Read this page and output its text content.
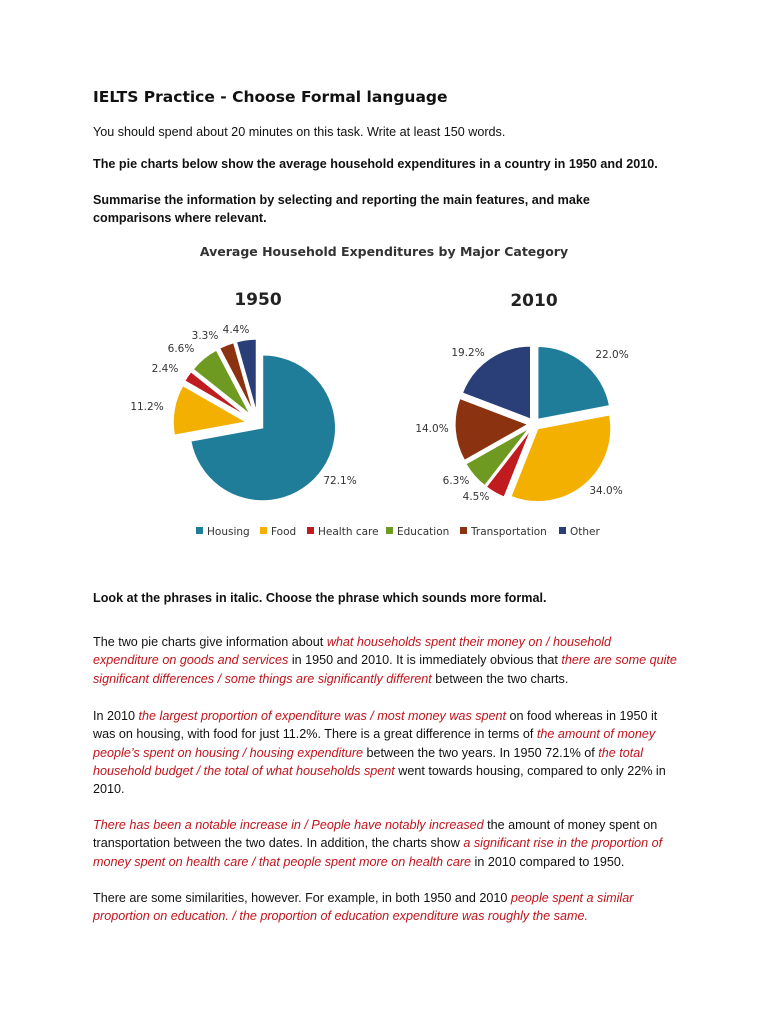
IELTS Practice - Choose Formal language

You should spend about 20 minutes on this task. Write at least 150 words.

The pie charts below show the average household expenditures in a country in 1950 and 2010.

Summarise the information by selecting and reporting the main features, and make comparisons where relevant.

Average Household Expenditures by Major Category
1950
72.1%
11.2%
2.4%
6.6%
3.3% 4.4%
2010
22.0%
34.0%
4.5%
6.3%
14.0%
19.2%
Housing Food Health care Education Transportation Other

Look at the phrases in italic. Choose the phrase which sounds more formal.

The two pie charts give information about what households spent their money on / household expenditure on goods and services in 1950 and 2010. It is immediately obvious that there are some quite significant differences / some things are significantly different between the two charts.

In 2010 the largest proportion of expenditure was / most money was spent on food whereas in 1950 it was on housing, with food for just 11.2%. There is a great difference in terms of the amount of money people’s spent on housing / housing expenditure between the two years. In 1950 72.1% of the total household budget / the total of what households spent went towards housing, compared to only 22% in 2010.

There has been a notable increase in / People have notably increased the amount of money spent on transportation between the two dates. In addition, the charts show a significant rise in the proportion of money spent on health care / that people spent more on health care in 2010 compared to 1950.

There are some similarities, however. For example, in both 1950 and 2010 people spent a similar proportion on education. / the proportion of education expenditure was roughly the same.
